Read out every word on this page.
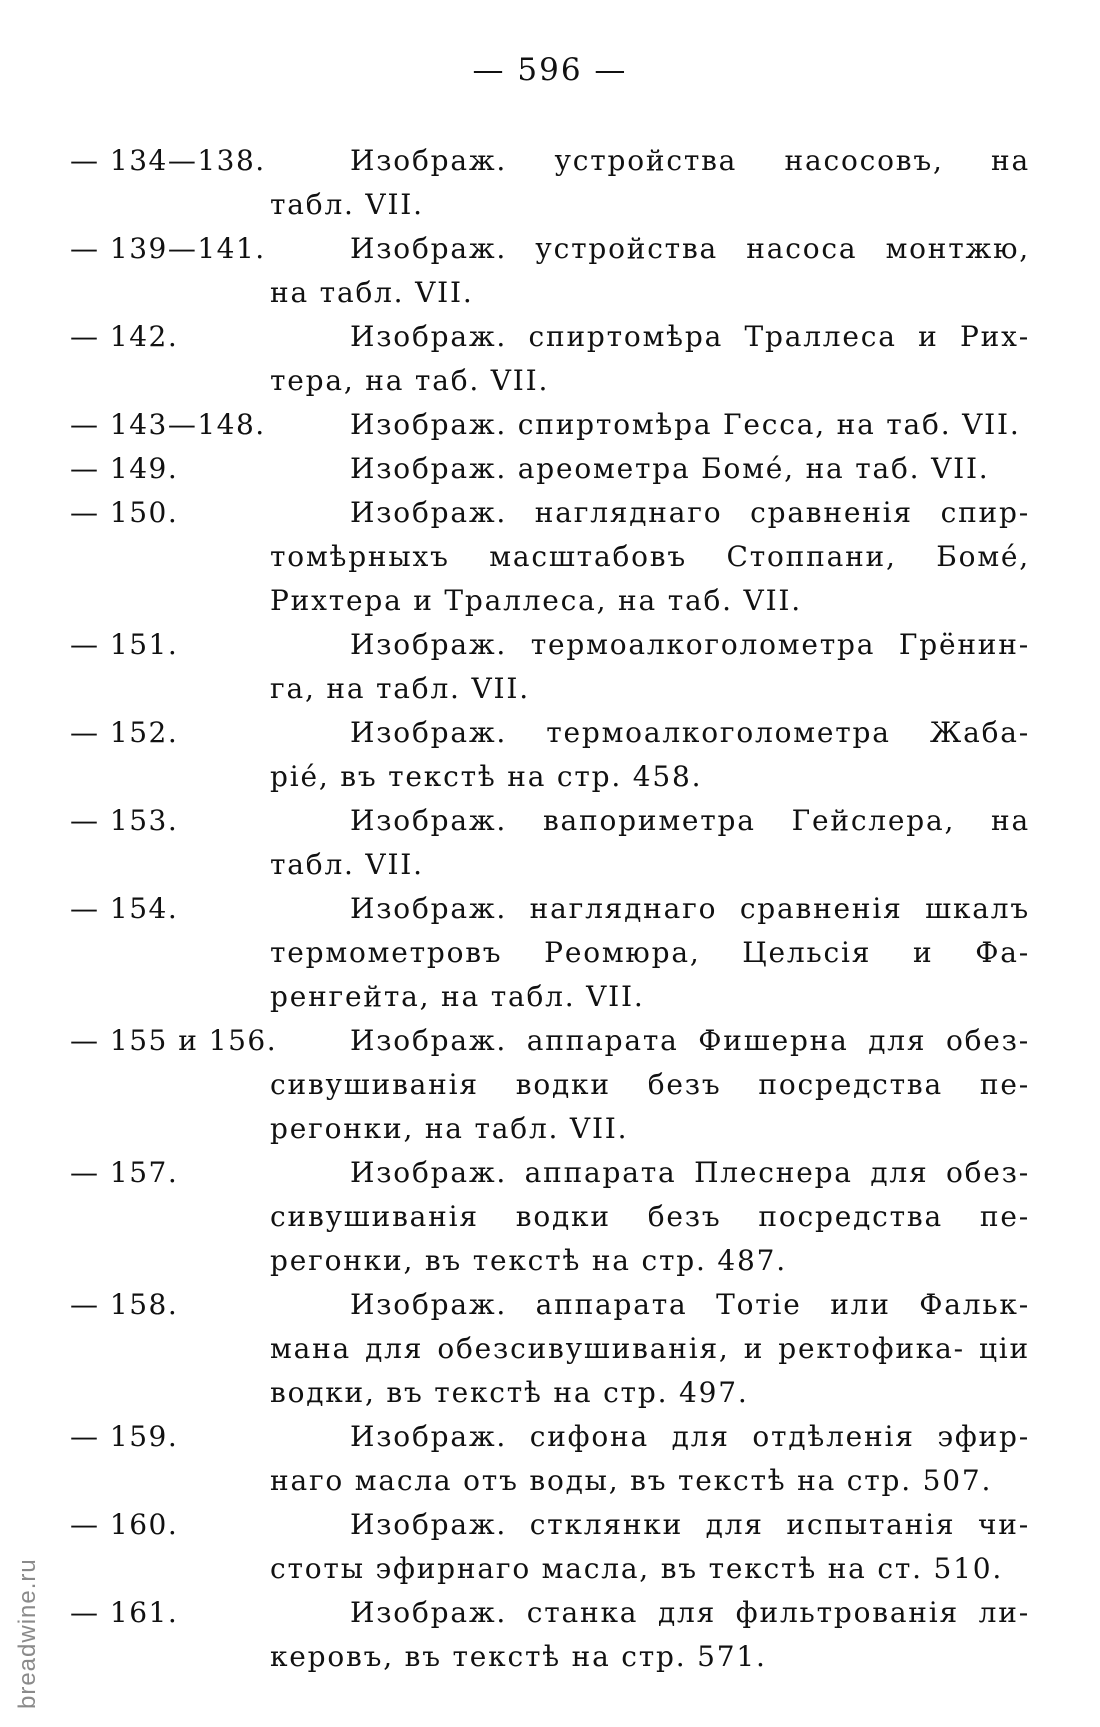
— 596 —
— 134—138.	Изображ. устройства насосовъ, на
табл. VII.
— 139—141.	Изображ. устройства насоса монтжю,
на табл. VII.
— 142.	Изображ. спиртомѣра Траллеса и Рих-
тера, на таб. VII.
— 143—148.	Изображ. спиртомѣра Гесса, на таб. VII.
— 149.	Изображ. ареометра Бомé, на таб. VII.
— 150.	Изображ. нагляднаго сравненія спир-
томѣрныхъ масштабовъ Стоппани, Бомé, Рихтера и Траллеса, на таб. VII.
— 151.	Изображ. термоалкоголометра Грёнин-
га, на табл. VII.
— 152.	Изображ. термоалкоголометра Жаба-
ріé, въ текстѣ на стр. 458.
— 153.	Изображ. вапориметра Гейслера, на
табл. VII.
— 154.	Изображ. нагляднаго сравненія шкалъ
термометровъ Реомюра, Цельсія и Фа- ренгейта, на табл. VII.
— 155 и 156.	Изображ. аппарата Фишерна для обез-
сивушиванія водки безъ посредства пе- регонки, на табл. VII.
— 157.	Изображ. аппарата Плеснера для обез-
сивушиванія водки безъ посредства пе- регонки, въ текстѣ на стр. 487.
— 158.	Изображ. аппарата Тотіе или Фальк-
мана для обезсивушиванія, и ректофика- ціи водки, въ текстѣ на стр. 497.
— 159.	Изображ. сифона для отдѣленія эфир-
наго масла отъ воды, въ текстѣ на стр. 507.
— 160.	Изображ. стклянки для испытанія чи-
стоты эфирнаго масла, въ текстѣ на ст. 510.
— 161.	Изображ. станка для фильтрованія ли-
керовъ, въ текстѣ на стр. 571.
breadwine.ru
